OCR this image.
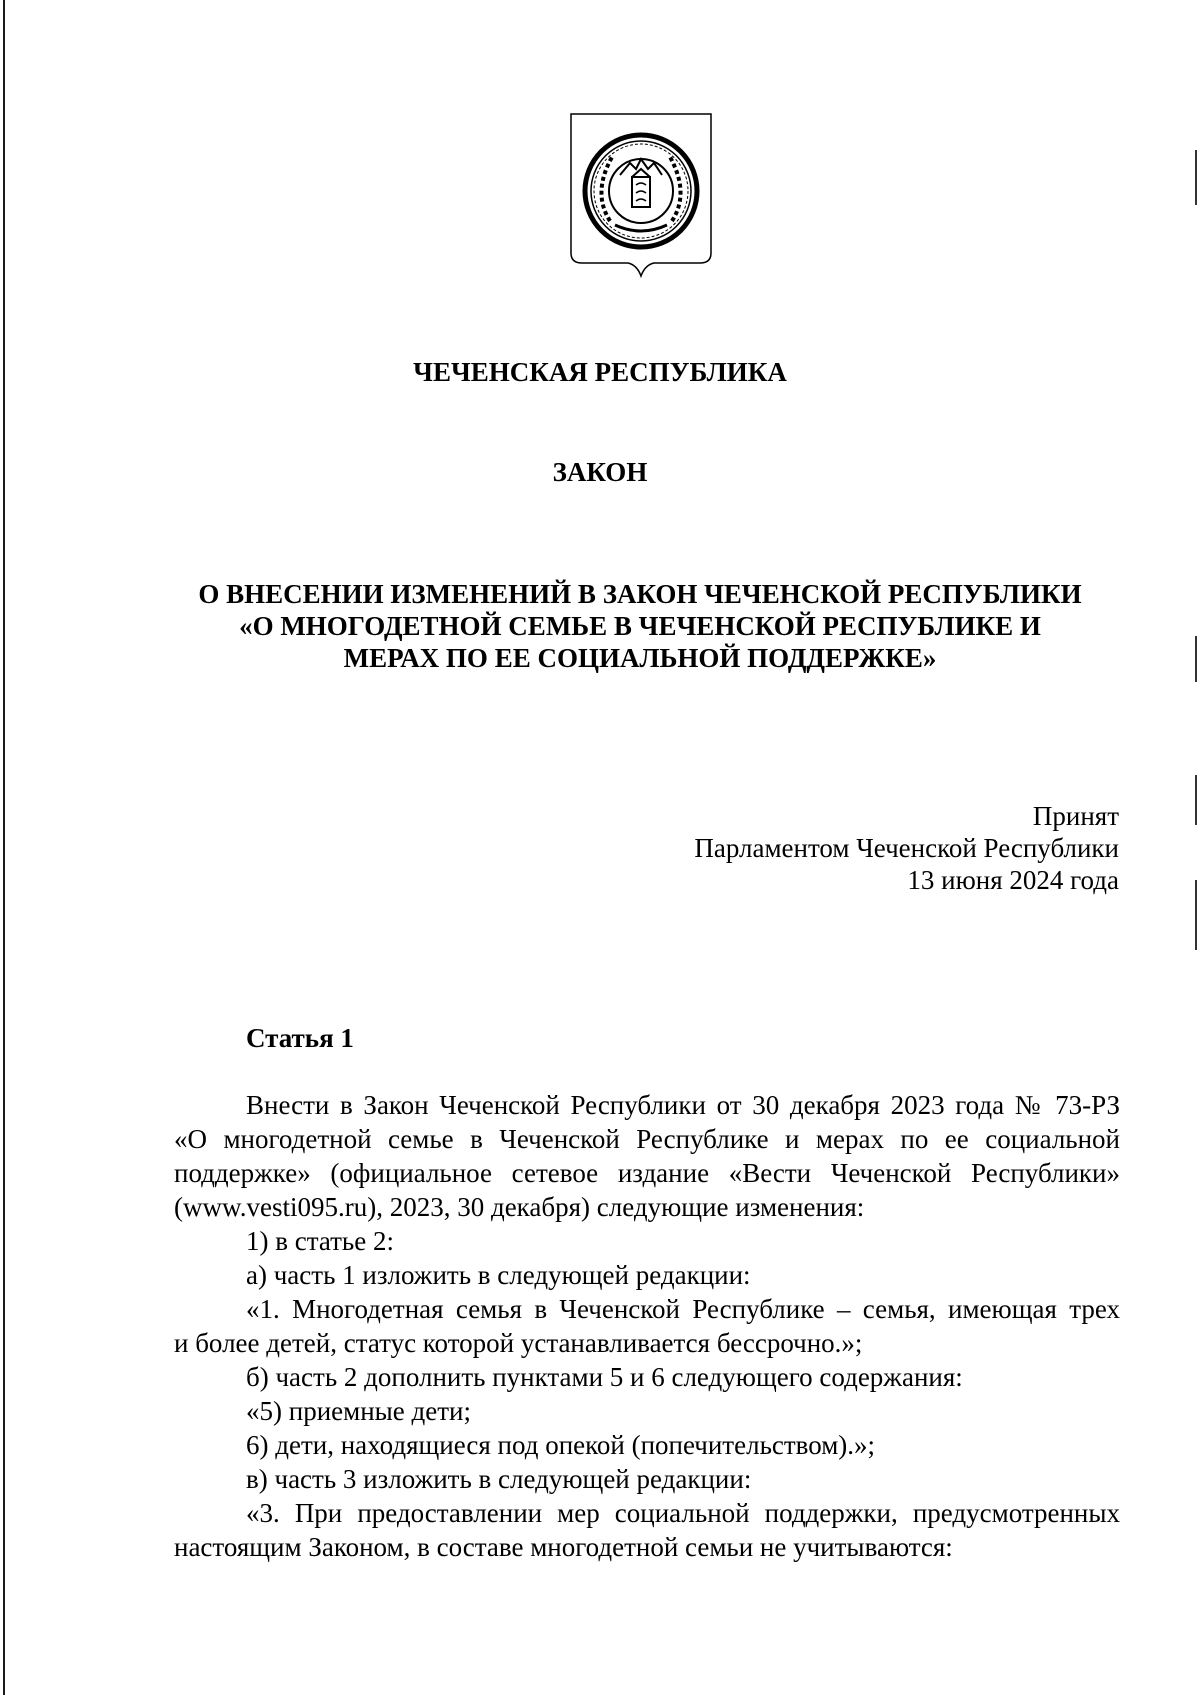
ЧЕЧЕНСКАЯ РЕСПУБЛИКА
ЗАКОН
О ВНЕСЕНИИ ИЗМЕНЕНИЙ В ЗАКОН ЧЕЧЕНСКОЙ РЕСПУБЛИКИ
«О МНОГОДЕТНОЙ СЕМЬЕ В ЧЕЧЕНСКОЙ РЕСПУБЛИКЕ И
МЕРАХ ПО ЕЕ СОЦИАЛЬНОЙ ПОДДЕРЖКЕ»
Принят
Парламентом Чеченской Республики
13 июня 2024 года
Статья 1
Внести в Закон Чеченской Республики от 30 декабря 2023 года № 73-РЗ
«О многодетной семье в Чеченской Республике и мерах по ее социальной
поддержке» (официальное сетевое издание «Вести Чеченской Республики»
(www.vesti095.ru), 2023, 30 декабря) следующие изменения:
1) в статье 2:
а) часть 1 изложить в следующей редакции:
«1. Многодетная семья в Чеченской Республике – семья, имеющая трех
и более детей, статус которой устанавливается бессрочно.»;
б) часть 2 дополнить пунктами 5 и 6 следующего содержания:
«5) приемные дети;
6) дети, находящиеся под опекой (попечительством).»;
в) часть 3 изложить в следующей редакции:
«3. При предоставлении мер социальной поддержки, предусмотренных
настоящим Законом, в составе многодетной семьи не учитываются:
